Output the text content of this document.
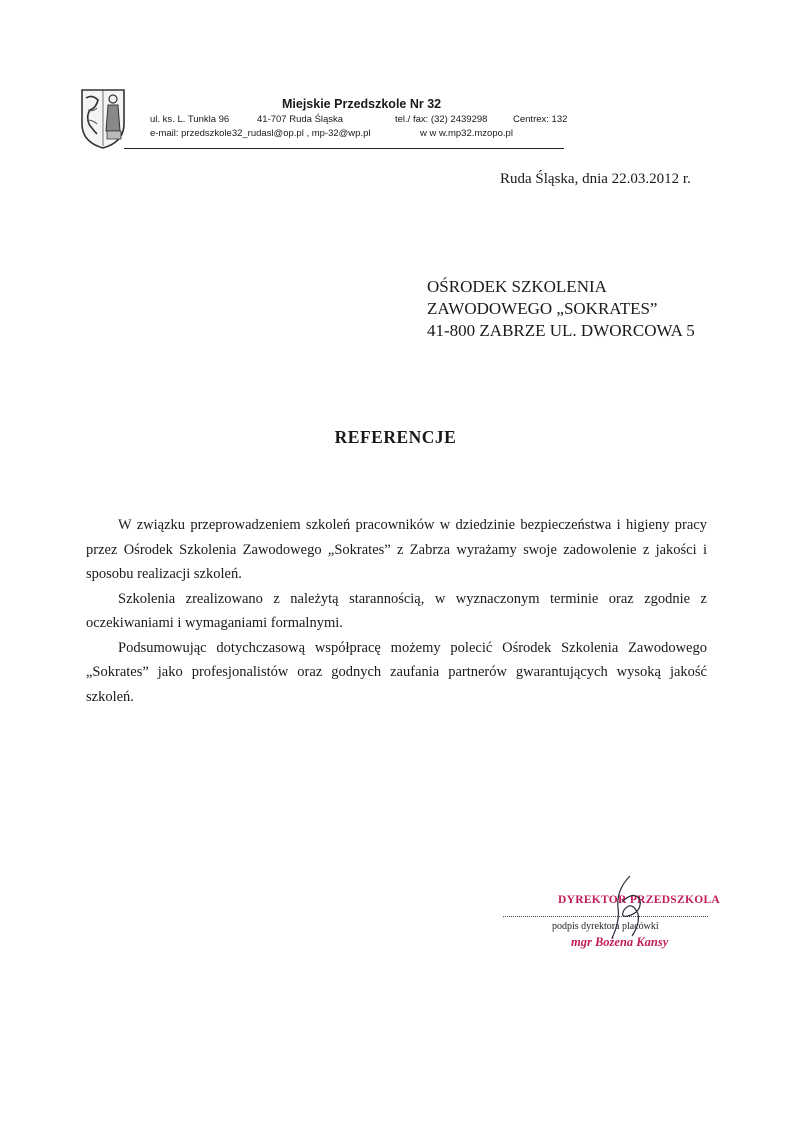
Miejskie Przedszkole Nr 32
ul. ks. L. Tunkla 96	41-707 Ruda Śląska	tel./ fax: (32) 2439298	Centrex: 132
e-mail: przedszkole32_rudasl@op.pl , mp-32@wp.pl	w w w.mp32.mzopo.pl
Ruda Śląska, dnia 22.03.2012 r.
OŚRODEK SZKOLENIA
ZAWODOWEGO „SOKRATES”
41-800 ZABRZE UL. DWORCOWA 5
REFERENCJE

W związku przeprowadzeniem szkoleń pracowników w dziedzinie bezpieczeństwa i higieny pracy przez Ośrodek Szkolenia Zawodowego „Sokrates” z Zabrza wyrażamy swoje zadowolenie z jakości i sposobu realizacji szkoleń.

Szkolenia zrealizowano z należytą starannością, w wyznaczonym terminie oraz zgodnie z oczekiwaniami i wymaganiami formalnymi.

Podsumowując dotychczasową współpracę możemy polecić Ośrodek Szkolenia Zawodowego „Sokrates” jako profesjonalistów oraz godnych zaufania partnerów gwarantujących wysoką jakość szkoleń.

DYREKTOR PRZEDSZKOLA
podpis dyrektora placówki
mgr Bożena Kansy
